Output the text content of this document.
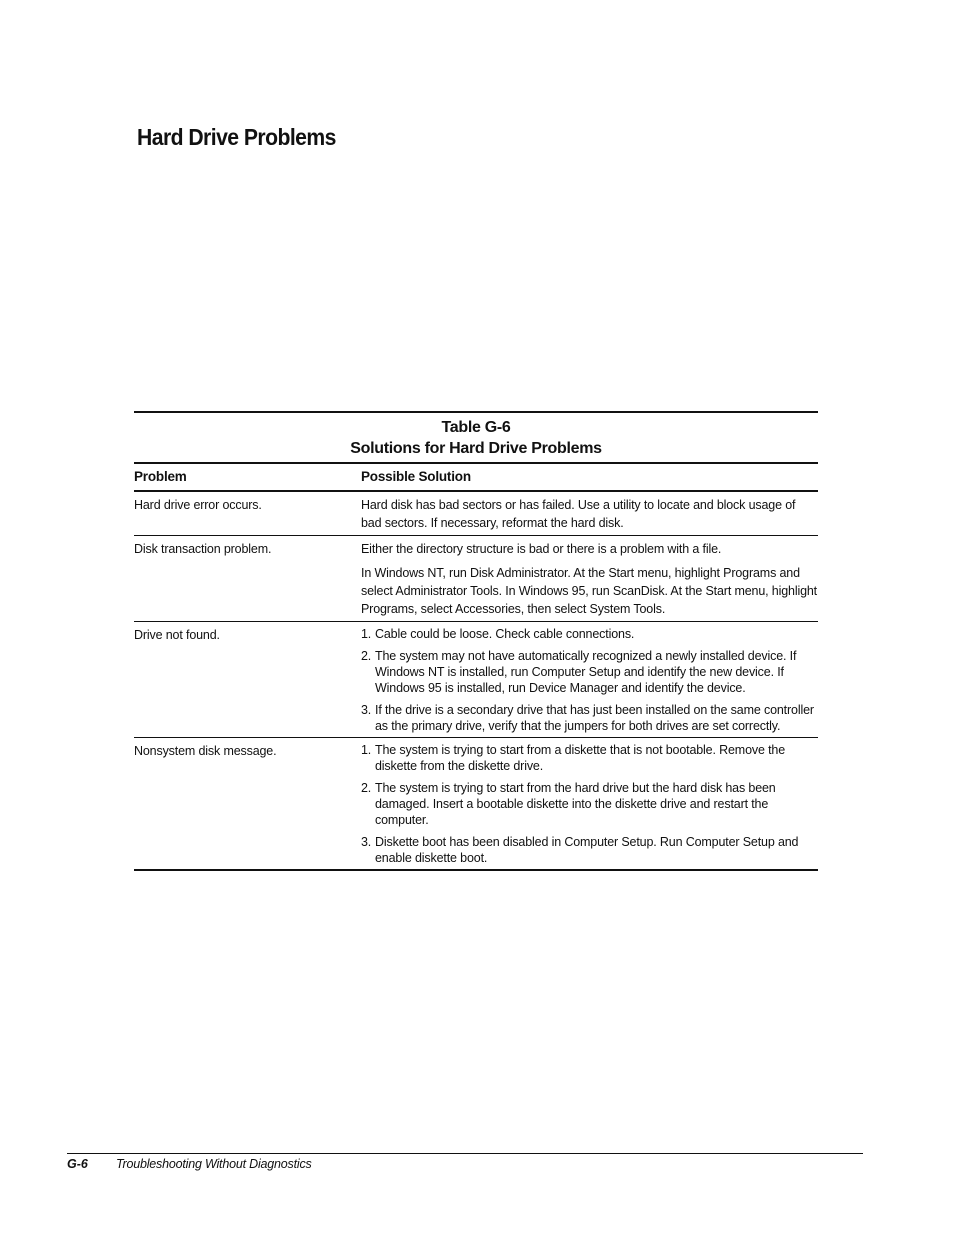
Hard Drive Problems
Table G-6
Solutions for Hard Drive Problems
Problem	Possible Solution
Hard drive error occurs.	Hard disk has bad sectors or has failed. Use a utility to locate and block usage of bad sectors. If necessary, reformat the hard disk.

Disk transaction problem.	Either the directory structure is bad or there is a problem with a file.

In Windows NT, run Disk Administrator. At the Start menu, highlight Programs and select Administrator Tools. In Windows 95, run ScanDisk. At the Start menu, highlight Programs, select Accessories, then select System Tools.

Drive not found.	1. Cable could be loose. Check cable connections.
2. The system may not have automatically recognized a newly installed device. If Windows NT is installed, run Computer Setup and identify the new device. If Windows 95 is installed, run Device Manager and identify the device.
3. If the drive is a secondary drive that has just been installed on the same controller as the primary drive, verify that the jumpers for both drives are set correctly.
Nonsystem disk message.	1. The system is trying to start from a diskette that is not bootable. Remove the diskette from the diskette drive.
2. The system is trying to start from the hard drive but the hard disk has been damaged. Insert a bootable diskette into the diskette drive and restart the computer.
3. Diskette boot has been disabled in Computer Setup. Run Computer Setup and enable diskette boot.
G-6 Troubleshooting Without Diagnostics
